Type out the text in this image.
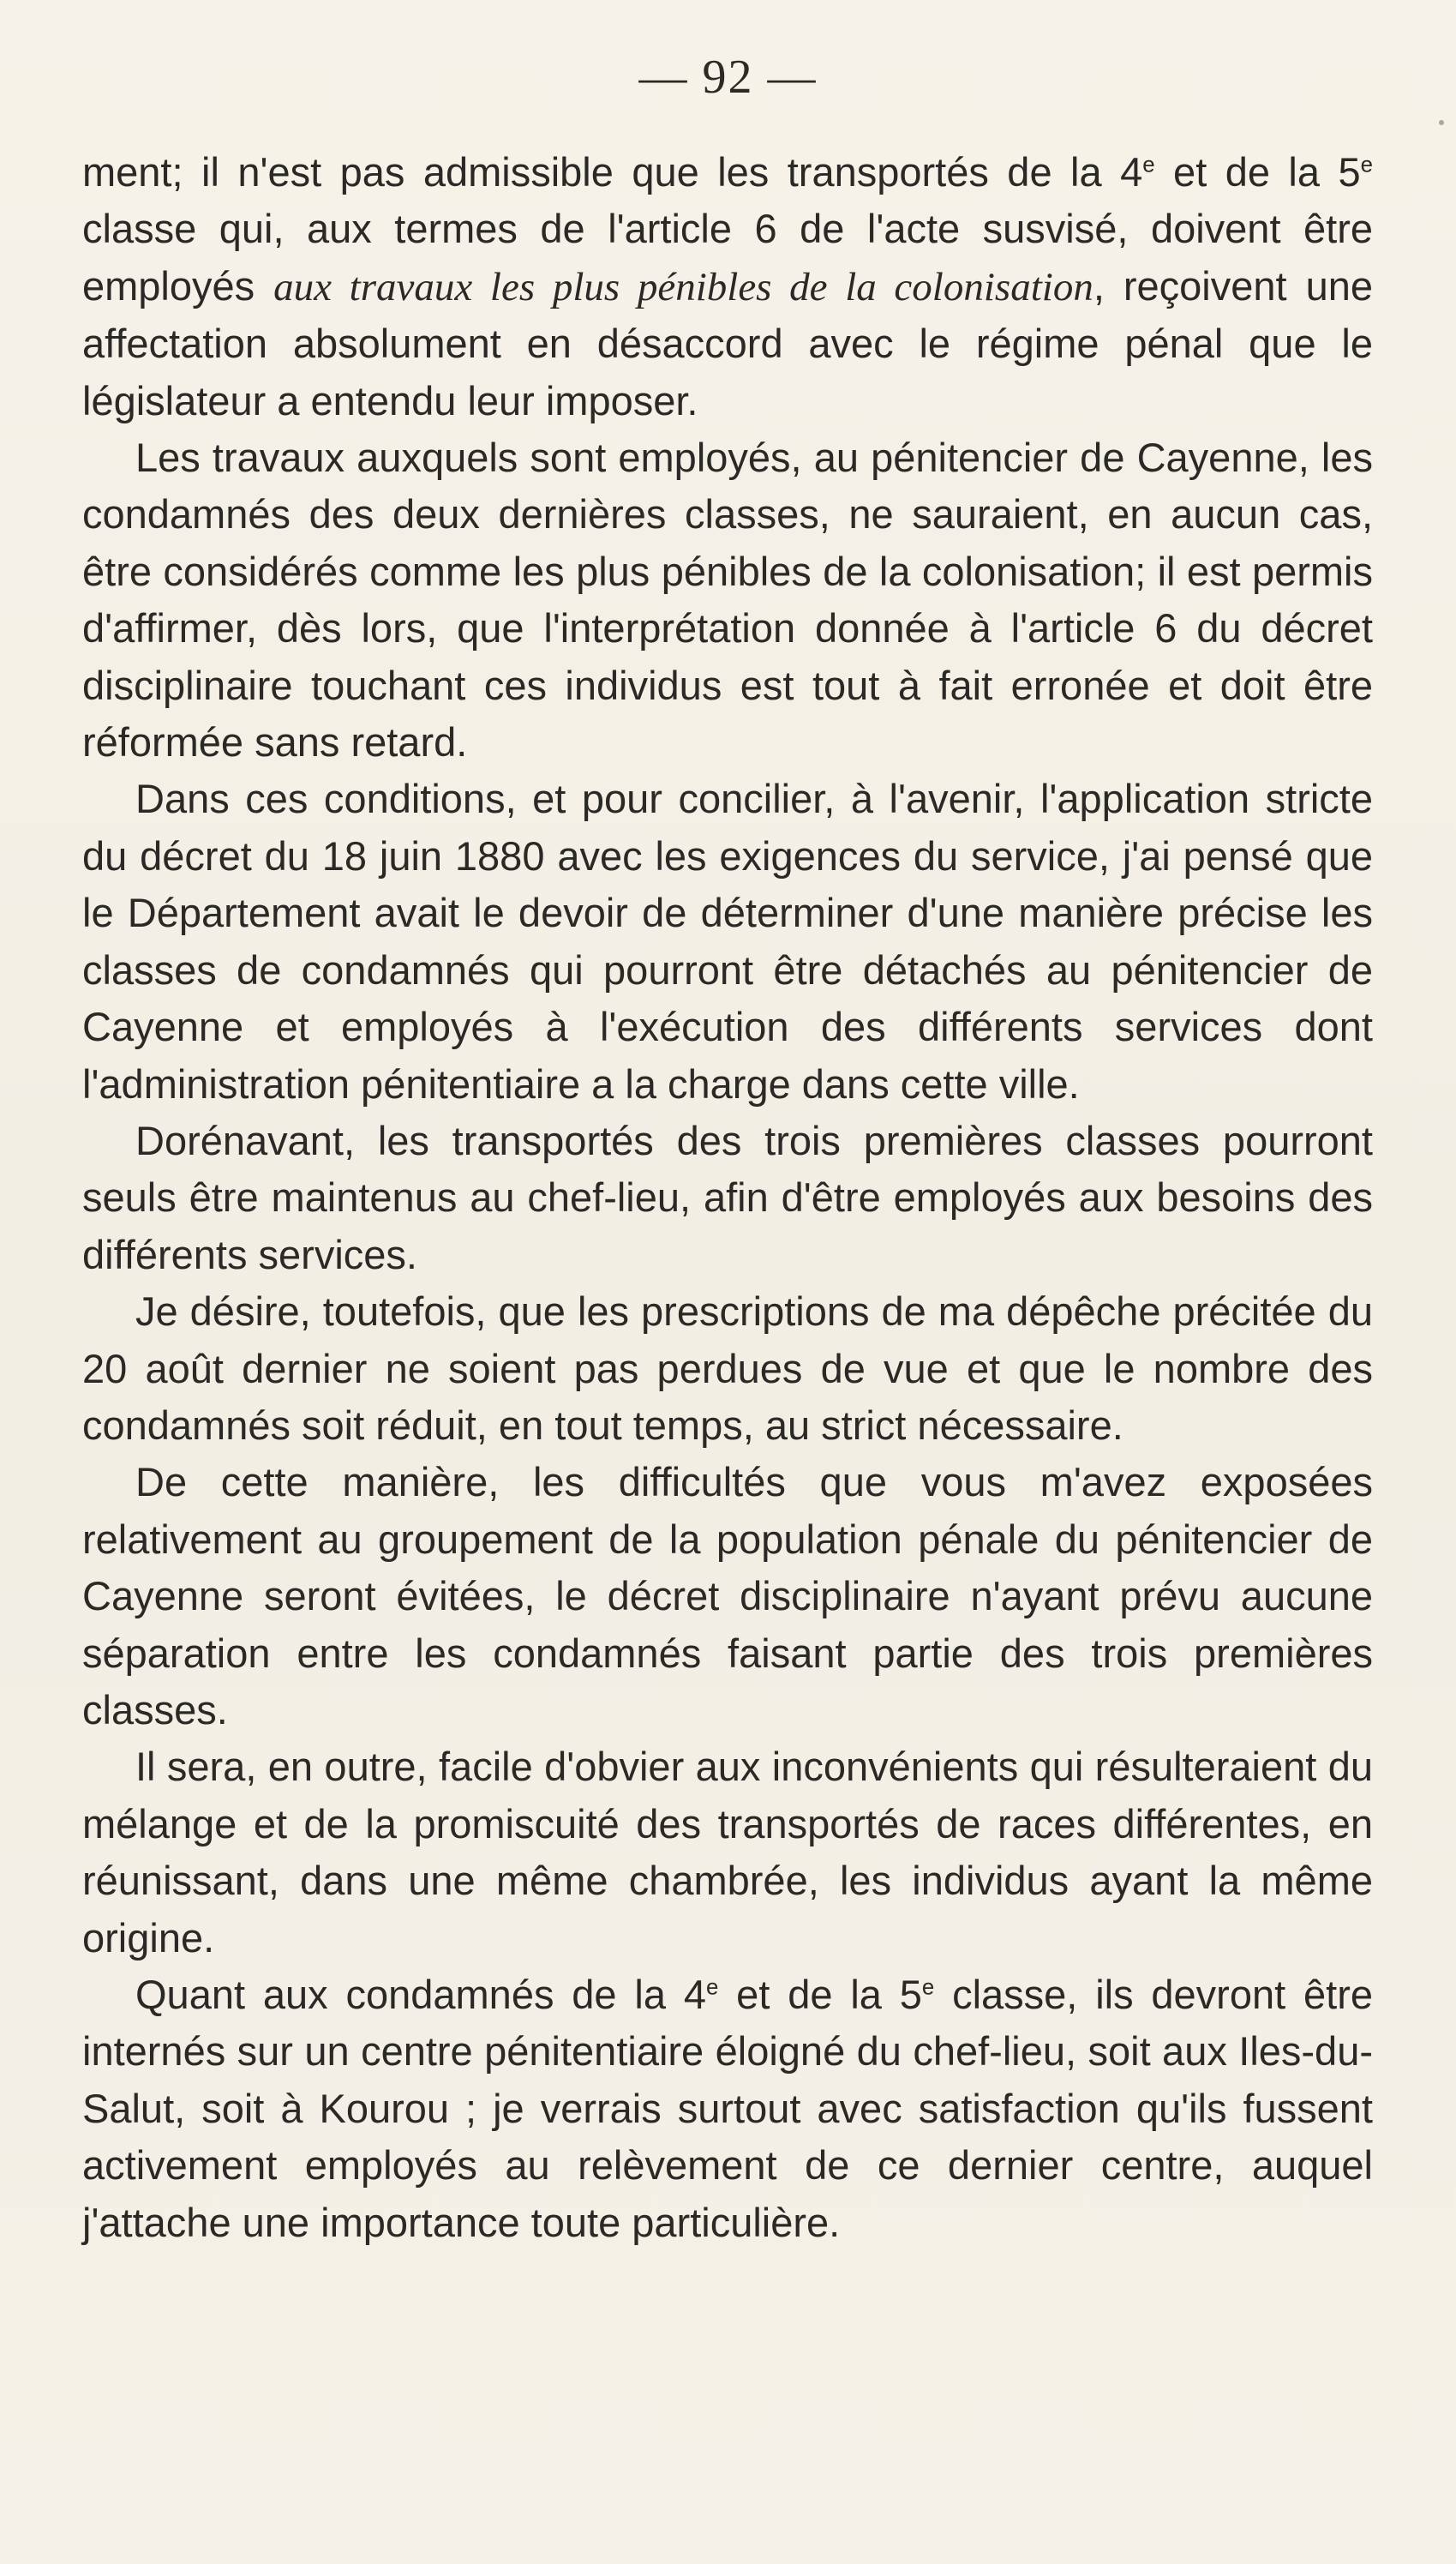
— 92 —

ment; il n'est pas admissible que les transportés de la 4e et de la 5e classe qui, aux termes de l'article 6 de l'acte susvisé, doivent être employés aux travaux les plus pénibles de la colonisation, reçoivent une affectation absolument en désaccord avec le régime pénal que le législateur a entendu leur imposer.

Les travaux auxquels sont employés, au pénitencier de Cayenne, les condamnés des deux dernières classes, ne sauraient, en aucun cas, être considérés comme les plus pénibles de la colonisation; il est permis d'affirmer, dès lors, que l'interprétation donnée à l'article 6 du décret disciplinaire touchant ces individus est tout à fait erronée et doit être réformée sans retard.

Dans ces conditions, et pour concilier, à l'avenir, l'application stricte du décret du 18 juin 1880 avec les exigences du service, j'ai pensé que le Département avait le devoir de déterminer d'une manière précise les classes de condamnés qui pourront être détachés au pénitencier de Cayenne et employés à l'exécution des différents services dont l'administration pénitentiaire a la charge dans cette ville.

Dorénavant, les transportés des trois premières classes pourront seuls être maintenus au chef-lieu, afin d'être employés aux besoins des différents services.

Je désire, toutefois, que les prescriptions de ma dépêche précitée du 20 août dernier ne soient pas perdues de vue et que le nombre des condamnés soit réduit, en tout temps, au strict nécessaire.

De cette manière, les difficultés que vous m'avez exposées relativement au groupement de la population pénale du pénitencier de Cayenne seront évitées, le décret disciplinaire n'ayant prévu aucune séparation entre les condamnés faisant partie des trois premières classes.

Il sera, en outre, facile d'obvier aux inconvénients qui résulteraient du mélange et de la promiscuité des transportés de races différentes, en réunissant, dans une même chambrée, les individus ayant la même origine.

Quant aux condamnés de la 4e et de la 5e classe, ils devront être internés sur un centre pénitentiaire éloigné du chef-lieu, soit aux Iles-du-Salut, soit à Kourou ; je verrais surtout avec satisfaction qu'ils fussent activement employés au relèvement de ce dernier centre, auquel j'attache une importance toute particulière.
